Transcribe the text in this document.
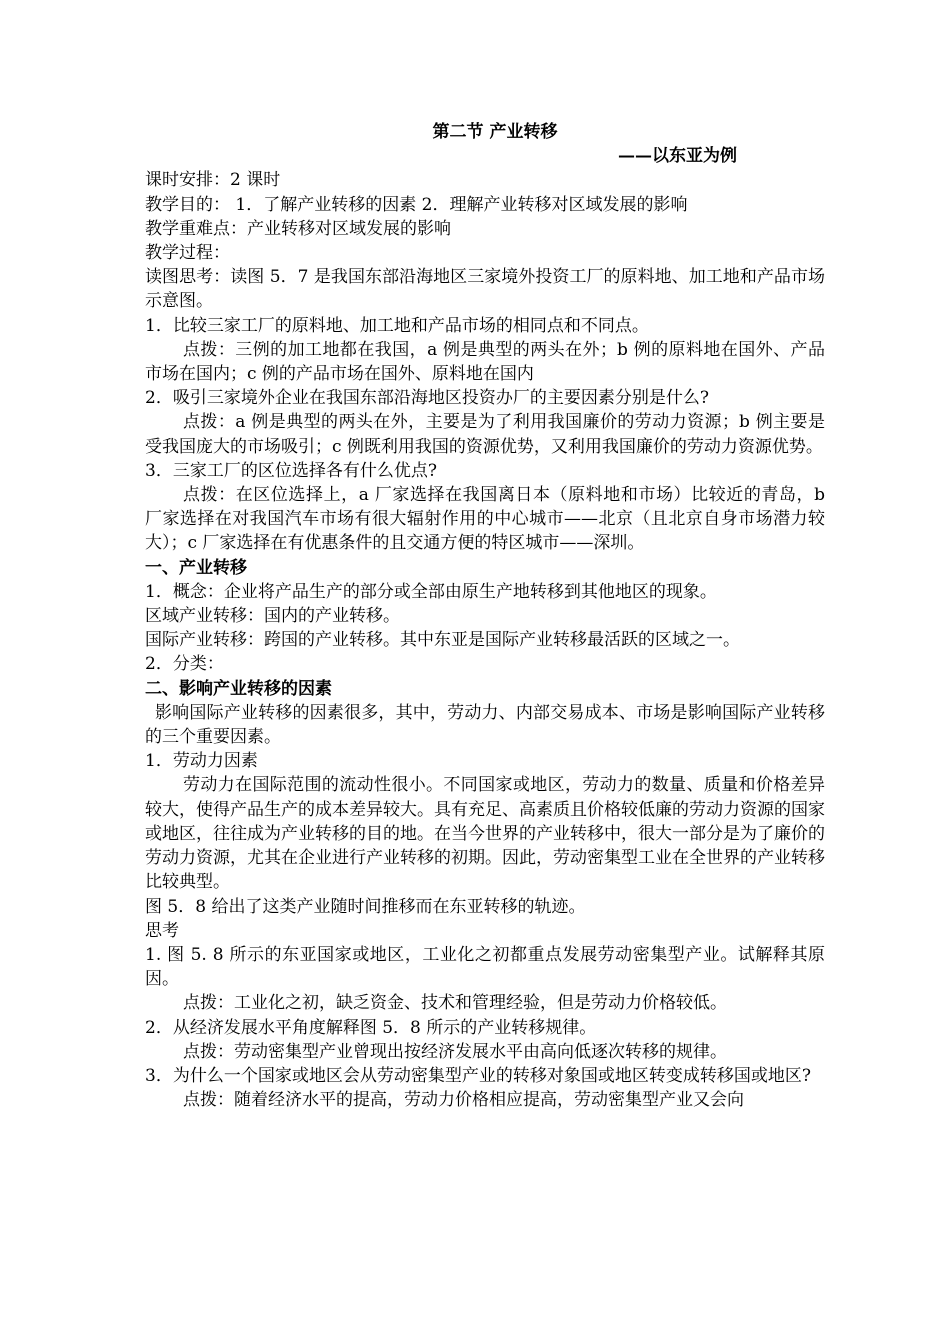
第二节 产业转移
——以东亚为例

课时安排：2 课时

教学目的： 1．了解产业转移的因素 2．理解产业转移对区域发展的影响

教学重难点：产业转移对区域发展的影响

教学过程：

读图思考：读图 5．7 是我国东部沿海地区三家境外投资工厂的原料地、加工地和产品市场示意图。

1．比较三家工厂的原料地、加工地和产品市场的相同点和不同点。

点拨：三例的加工地都在我国，a 例是典型的两头在外；b 例的原料地在国外、产品市场在国内；c 例的产品市场在国外、原料地在国内

2．吸引三家境外企业在我国东部沿海地区投资办厂的主要因素分别是什么?

点拨：a 例是典型的两头在外，主要是为了利用我国廉价的劳动力资源；b 例主要是受我国庞大的市场吸引；c 例既利用我国的资源优势，又利用我国廉价的劳动力资源优势。

3．三家工厂的区位选择各有什么优点?

点拨：在区位选择上，a 厂家选择在我国离日本（原料地和市场）比较近的青岛，b 厂家选择在对我国汽车市场有很大辐射作用的中心城市——北京（且北京自身市场潜力较大）；c 厂家选择在有优惠条件的且交通方便的特区城市——深圳。

一、产业转移

1．概念：企业将产品生产的部分或全部由原生产地转移到其他地区的现象。

区域产业转移：国内的产业转移。

国际产业转移：跨国的产业转移。其中东亚是国际产业转移最活跃的区域之一。

2．分类：

二、影响产业转移的因素

影响国际产业转移的因素很多，其中，劳动力、内部交易成本、市场是影响国际产业转移的三个重要因素。

1．劳动力因素

劳动力在国际范围的流动性很小。不同国家或地区，劳动力的数量、质量和价格差异较大，使得产品生产的成本差异较大。具有充足、高素质且价格较低廉的劳动力资源的国家或地区，往往成为产业转移的目的地。在当今世界的产业转移中，很大一部分是为了廉价的劳动力资源，尤其在企业进行产业转移的初期。因此，劳动密集型工业在全世界的产业转移比较典型。

图 5．8 给出了这类产业随时间推移而在东亚转移的轨迹。

思考

1. 图 5. 8 所示的东亚国家或地区，工业化之初都重点发展劳动密集型产业。试解释其原因。

点拨：工业化之初，缺乏资金、技术和管理经验，但是劳动力价格较低。

2．从经济发展水平角度解释图 5．8 所示的产业转移规律。

点拨：劳动密集型产业曾现出按经济发展水平由高向低逐次转移的规律。

3．为什么一个国家或地区会从劳动密集型产业的转移对象国或地区转变成转移国或地区?

点拨：随着经济水平的提高，劳动力价格相应提高，劳动密集型产业又会向
